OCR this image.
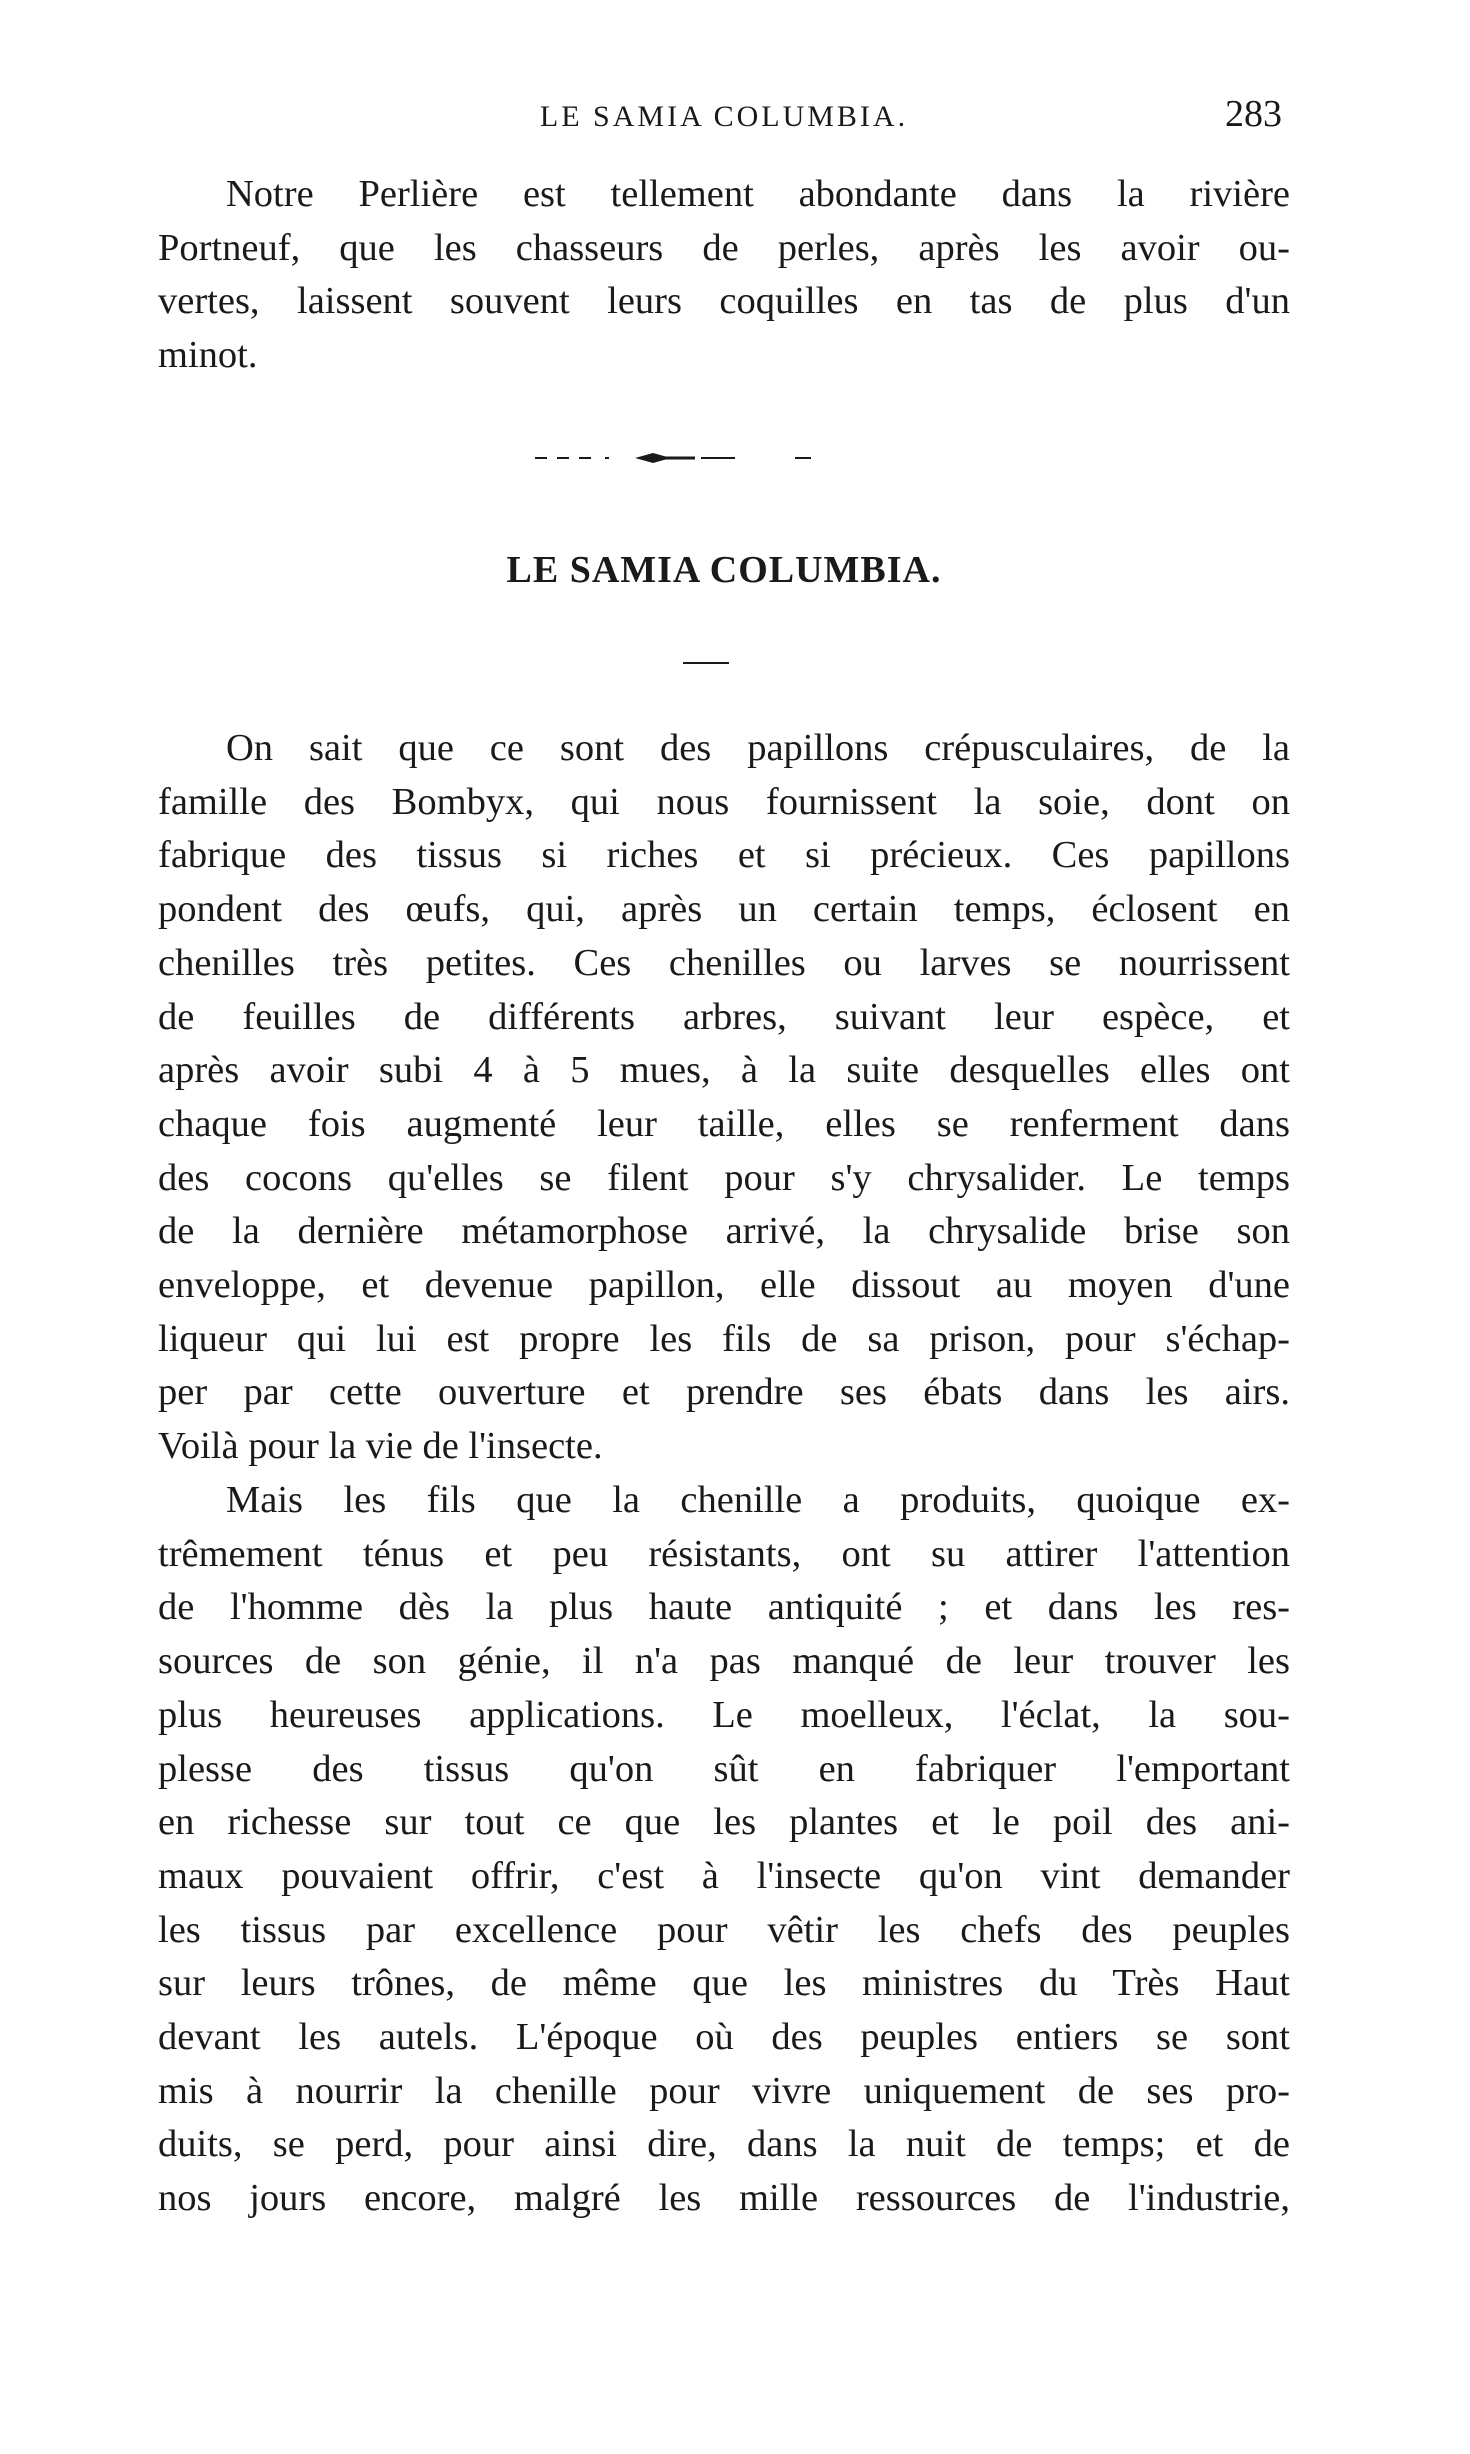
LE SAMIA COLUMBIA.	283
Notre Perlière est tellement abondante dans la rivière
Portneuf, que les chasseurs de perles, après les avoir ou-
vertes, laissent souvent leurs coquilles en tas de plus d'un
minot.
LE SAMIA COLUMBIA.
On sait que ce sont des papillons crépusculaires, de la
famille des Bombyx, qui nous fournissent la soie, dont on
fabrique des tissus si riches et si précieux. Ces papillons
pondent des œufs, qui, après un certain temps, éclosent en
chenilles très petites. Ces chenilles ou larves se nourrissent
de feuilles de différents arbres, suivant leur espèce, et
après avoir subi 4 à 5 mues, à la suite desquelles elles ont
chaque fois augmenté leur taille, elles se renferment dans
des cocons qu'elles se filent pour s'y chrysalider. Le temps
de la dernière métamorphose arrivé, la chrysalide brise son
enveloppe, et devenue papillon, elle dissout au moyen d'une
liqueur qui lui est propre les fils de sa prison, pour s'échap-
per par cette ouverture et prendre ses ébats dans les airs.
Voilà pour la vie de l'insecte.
Mais les fils que la chenille a produits, quoique ex-
trêmement ténus et peu résistants, ont su attirer l'attention
de l'homme dès la plus haute antiquité ; et dans les res-
sources de son génie, il n'a pas manqué de leur trouver les
plus heureuses applications. Le moelleux, l'éclat, la sou-
plesse des tissus qu'on sût en fabriquer l'emportant
en richesse sur tout ce que les plantes et le poil des ani-
maux pouvaient offrir, c'est à l'insecte qu'on vint demander
les tissus par excellence pour vêtir les chefs des peuples
sur leurs trônes, de même que les ministres du Très Haut
devant les autels. L'époque où des peuples entiers se sont
mis à nourrir la chenille pour vivre uniquement de ses pro-
duits, se perd, pour ainsi dire, dans la nuit de temps; et de
nos jours encore, malgré les mille ressources de l'industrie,
